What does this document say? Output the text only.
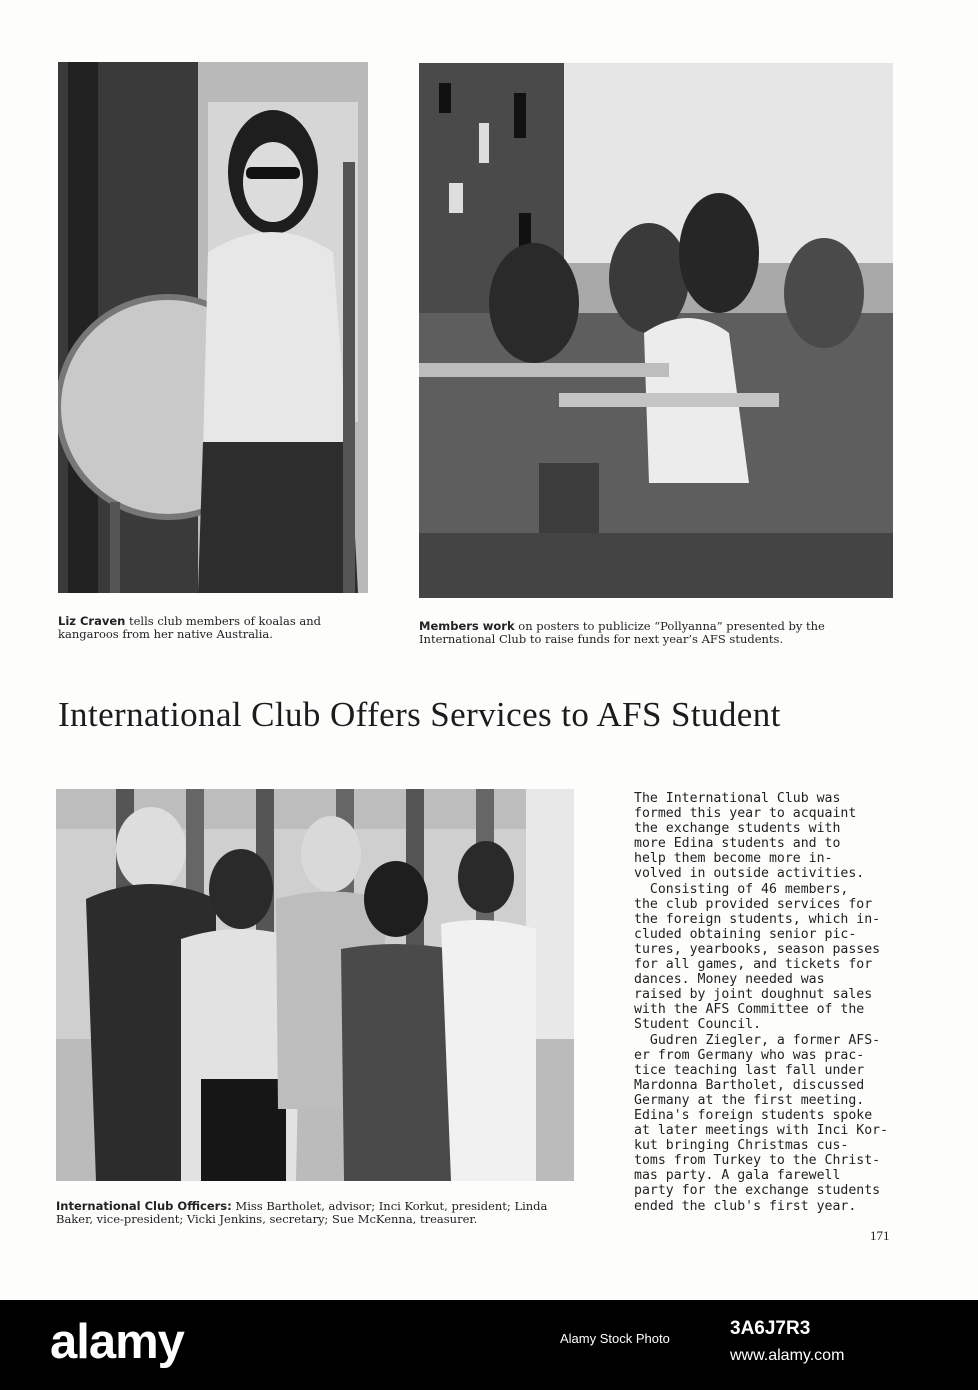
Liz Craven tells club members of koalas and kangaroos from her native Australia.
Members work on posters to publicize “Pollyanna” presented by the International Club to raise funds for next year’s AFS students.
International Club Offers Services to AFS Student
International Club Officers: Miss Bartholet, advisor; Inci Korkut, president; Linda Baker, vice-president; Vicki Jenkins, secretary; Sue McKenna, treasurer.
The International Club was
formed this year to acquaint
the exchange students with
more Edina students and to
help them become more in-
volved in outside activities.
Consisting of 46 members,
the club provided services for
the foreign students, which in-
cluded obtaining senior pic-
tures, yearbooks, season passes
for all games, and tickets for
dances. Money needed was
raised by joint doughnut sales
with the AFS Committee of the
Student Council.
Gudren Ziegler, a former AFS-
er from Germany who was prac-
tice teaching last fall under
Mardonna Bartholet, discussed
Germany at the first meeting.
Edina's foreign students spoke
at later meetings with Inci Kor-
kut bringing Christmas cus-
toms from Turkey to the Christ-
mas party. A gala farewell
party for the exchange students
ended the club's first year.
171
alamy	Alamy Stock Photo	3A6J7R3
www.alamy.com
